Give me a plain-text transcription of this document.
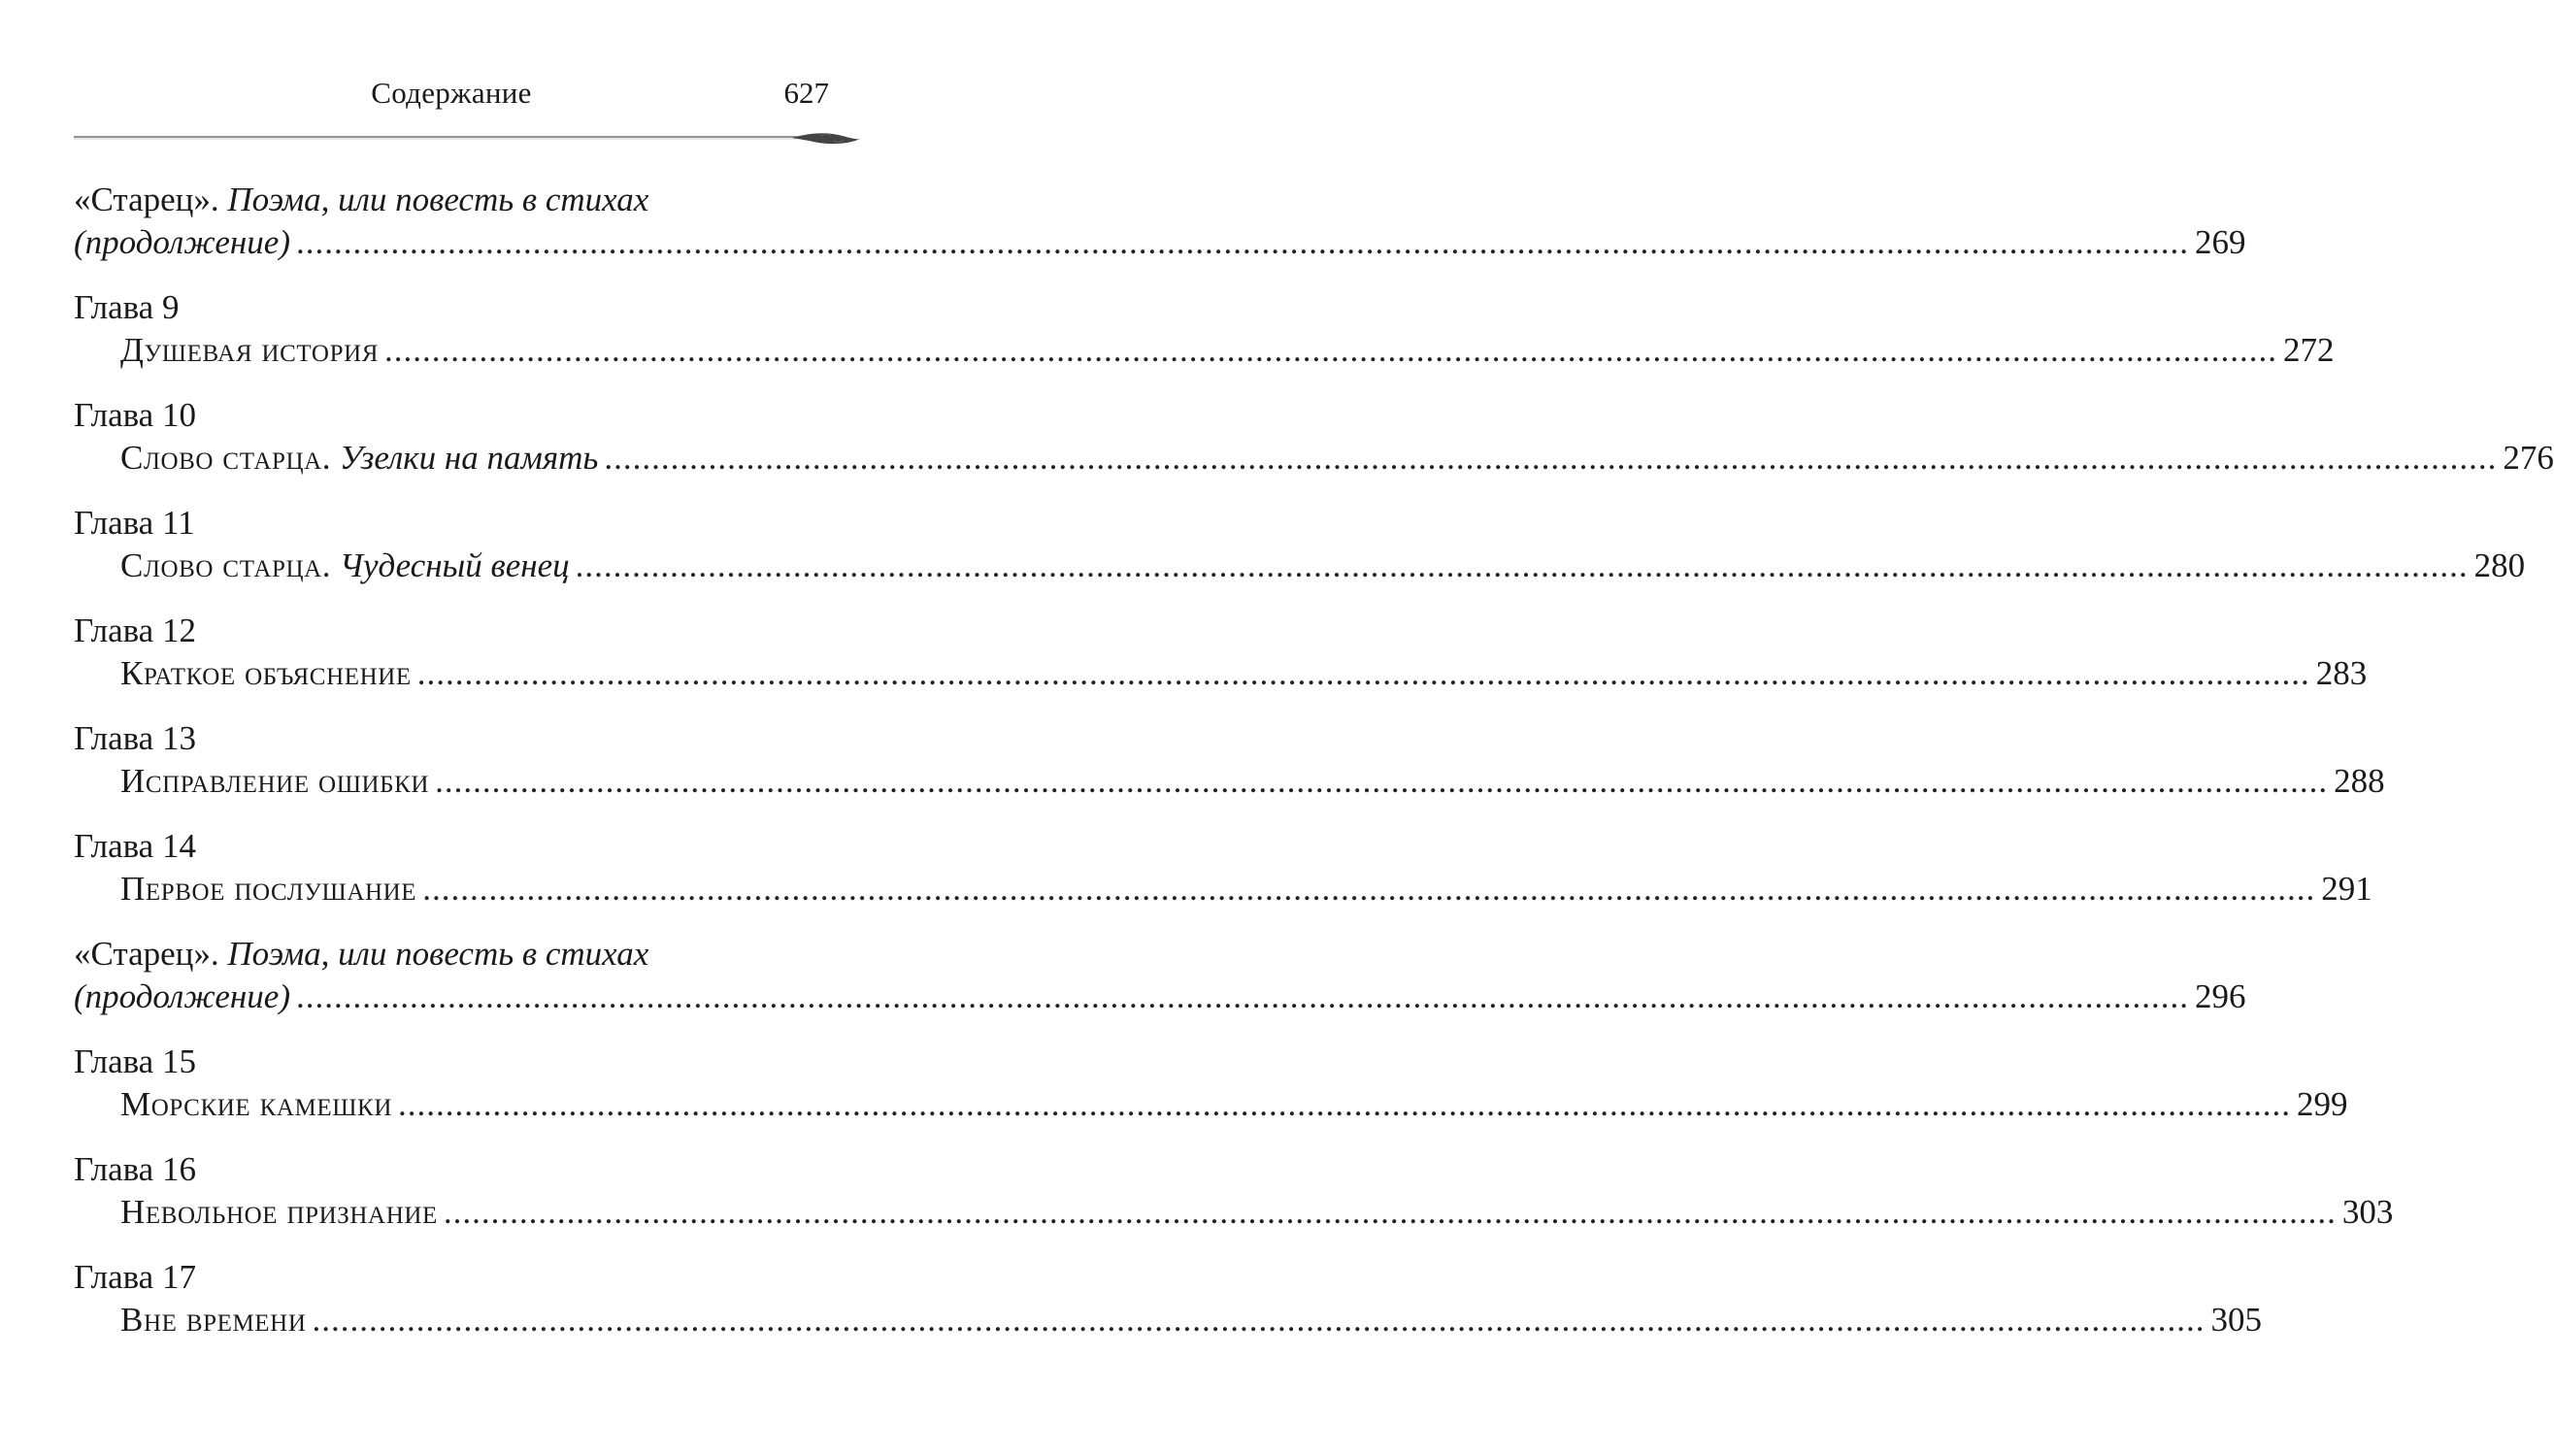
Содержание	627
«Старец». Поэма, или повесть в стихах
(продолжение) ........................................................................................................................................................................................................ 269
Глава 9
Душевая история ........................................................................................................................................................................................................ 272
Глава 10
Слово старца. Узелки на память ........................................................................................................................................................................................................ 276
Глава 11
Слово старца. Чудесный венец ........................................................................................................................................................................................................ 280
Глава 12
Краткое объяснение ........................................................................................................................................................................................................ 283
Глава 13
Исправление ошибки ........................................................................................................................................................................................................ 288
Глава 14
Первое послушание ........................................................................................................................................................................................................ 291
«Старец». Поэма, или повесть в стихах
(продолжение) ........................................................................................................................................................................................................ 296
Глава 15
Морские камешки ........................................................................................................................................................................................................ 299
Глава 16
Невольное признание ........................................................................................................................................................................................................ 303
Глава 17
Вне времени ........................................................................................................................................................................................................ 305
